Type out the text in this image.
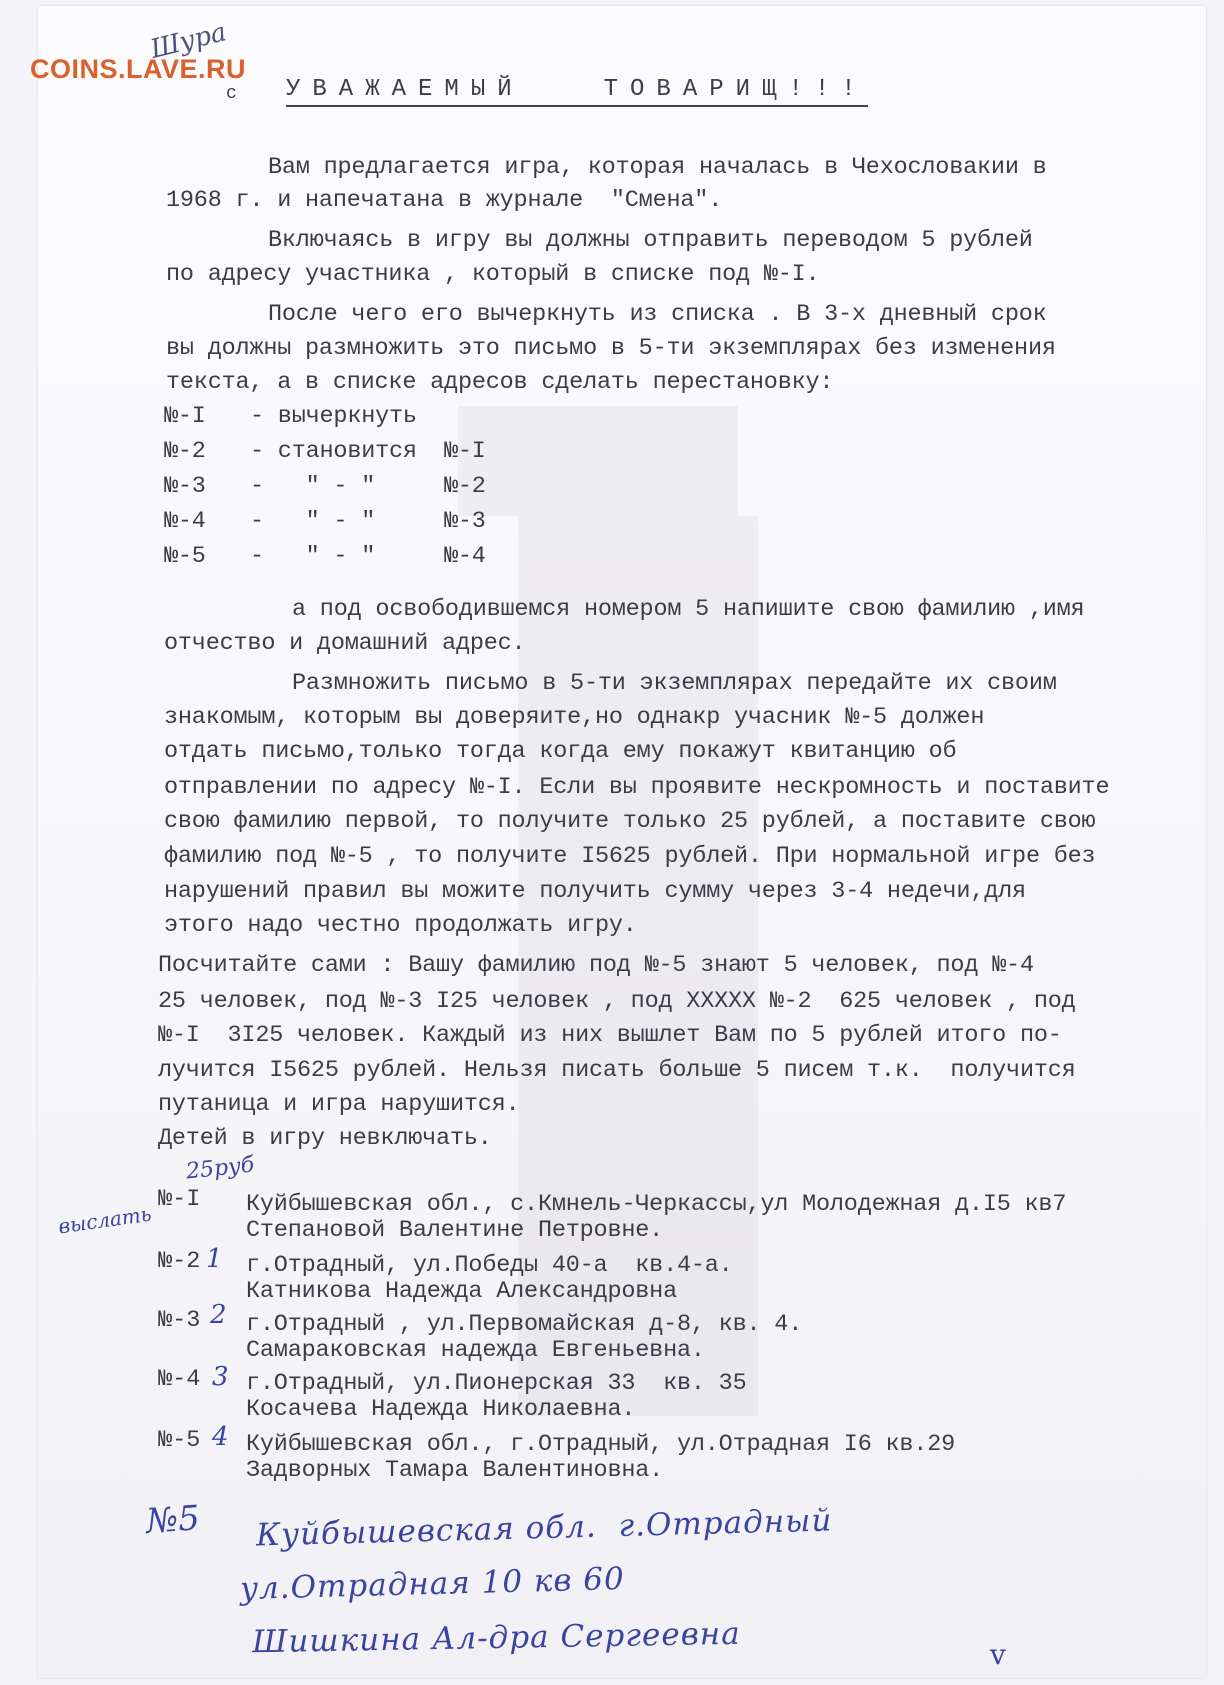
COINS.LAVE.RU

Шура
с УВАЖАЕМЫЙ	ТОВАРИЩ!!!

Вам предлагается игра, которая началась в Чехословакии в

1968 г. и напечатана в журнале  "Смена".

Включаясь в игру вы должны отправить переводом 5 рублей

по адресу участника , который в списке под №-I.

После чего его вычеркнуть из списка . В 3-х дневный срок

вы должны размножить это письмо в 5-ти экземплярах без изменения

текста, а в списке адресов сделать перестановку:

№-I - вычеркнуть
№-2 - становится №-I
№-3 -   " - "	№-2
№-4 -   " - "	№-3
№-5 -   " - "	№-4

а под освободившемся номером 5 напишите свою фамилию ,имя

отчество и домашний адрес.

Размножить письмо в 5-ти экземплярах передайте их своим

знакомым, которым вы доверяите,но однакр учасник №-5 должен

отдать письмо,только тогда когда ему покажут квитанцию об

отправлении по адресу №-I. Если вы проявите нескромность и поставите

свою фамилию первой, то получите только 25 рублей, а поставите свою

фамилию под №-5 , то получите I5625 рублей. При нормальной игре без

нарушений правил вы можите получить сумму через 3-4 недечи,для

этого надо честно продолжать игру.

Посчитайте сами : Вашу фамилию под №-5 знают 5 человек, под №-4

25 человек, под №-3 I25 человек , под ХХХХХ №-2  625 человек , под

№-I  3I25 человек. Каждый из них вышлет Вам по 5 рублей итого по-

лучится I5625 рублей. Нельзя писать больше 5 писем т.к.  получится

путаница и игра нарушится.

Детей в игру невключать.

25руб
выслать
№-I Куйбышевская обл., с.Кмнель-Черкассы,ул Молодежная д.I5 кв7
Степановой Валентине Петровне.
№-2 1 г.Отрадный, ул.Победы 40-а  кв.4-а.
Катникова Надежда Александровна
№-3 2 г.Отрадный , ул.Первомайская д-8, кв. 4.
Самараковская надежда Евгеньевна.
№-4 3 г.Отрадный, ул.Пионерская 33  кв. 35
Косачева Надежда Николаевна.
№-5 4 Куйбышевская обл., г.Отрадный, ул.Отрадная I6 кв.29
Задворных Тамара Валентиновна.
№5 Куйбышевская обл.  г.Отрадный
ул.Отрадная 10 кв 60
Шишкина Ал-дра Сергеевна	v
